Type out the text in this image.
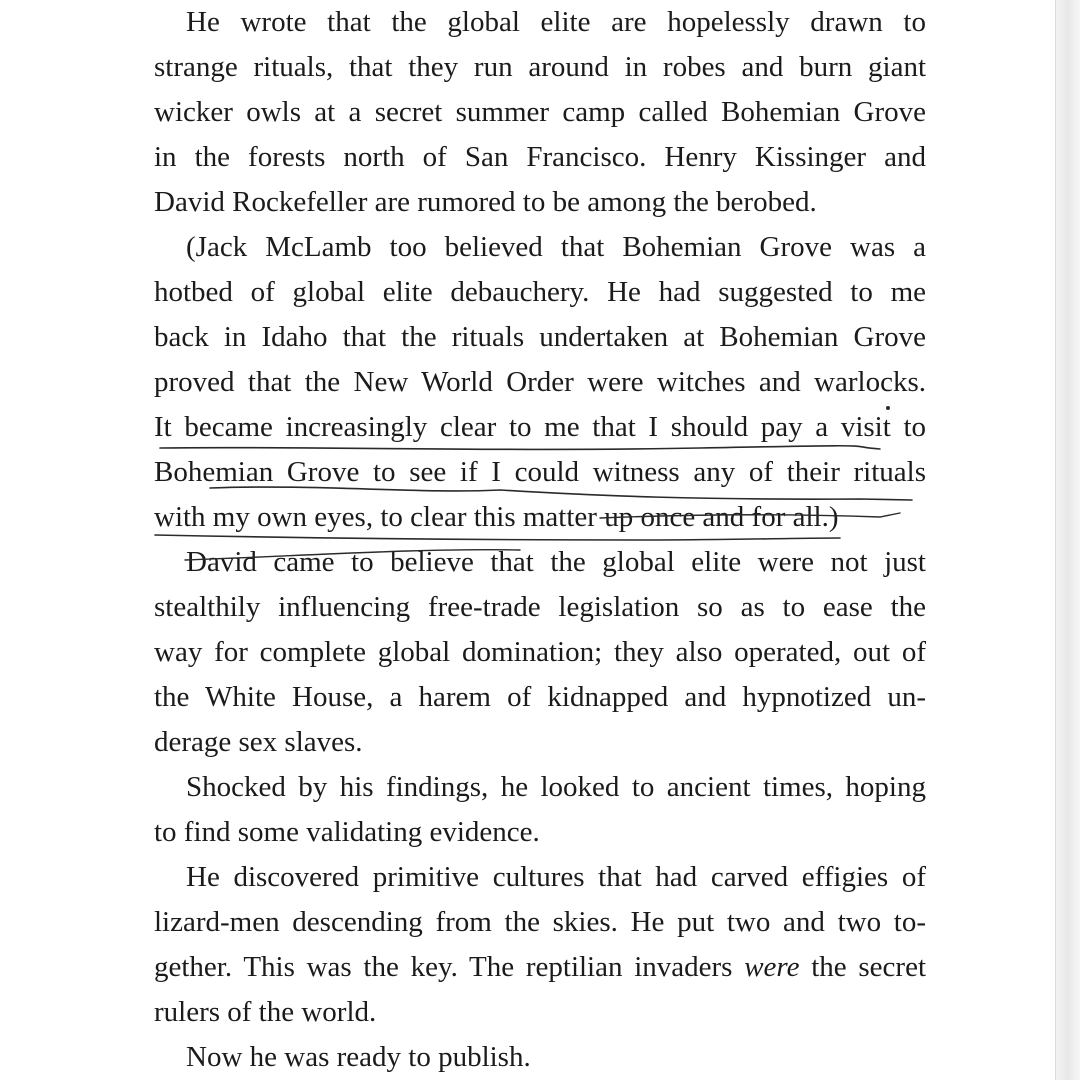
He wrote that the global elite are hopelessly drawn to
strange rituals, that they run around in robes and burn giant
wicker owls at a secret summer camp called Bohemian Grove
in the forests north of San Francisco. Henry Kissinger and
David Rockefeller are rumored to be among the berobed.
(Jack McLamb too believed that Bohemian Grove was a
hotbed of global elite debauchery. He had suggested to me
back in Idaho that the rituals undertaken at Bohemian Grove
proved that the New World Order were witches and warlocks.
It became increasingly clear to me that I should pay a visit to
Bohemian Grove to see if I could witness any of their rituals
with my own eyes, to clear this matter up once and for all.)
David came to believe that the global elite were not just
stealthily influencing free-trade legislation so as to ease the
way for complete global domination; they also operated, out of
the White House, a harem of kidnapped and hypnotized un-
derage sex slaves.
Shocked by his findings, he looked to ancient times, hoping
to find some validating evidence.
He discovered primitive cultures that had carved effigies of
lizard-men descending from the skies. He put two and two to-
gether. This was the key. The reptilian invaders were the secret
rulers of the world.
Now he was ready to publish.
